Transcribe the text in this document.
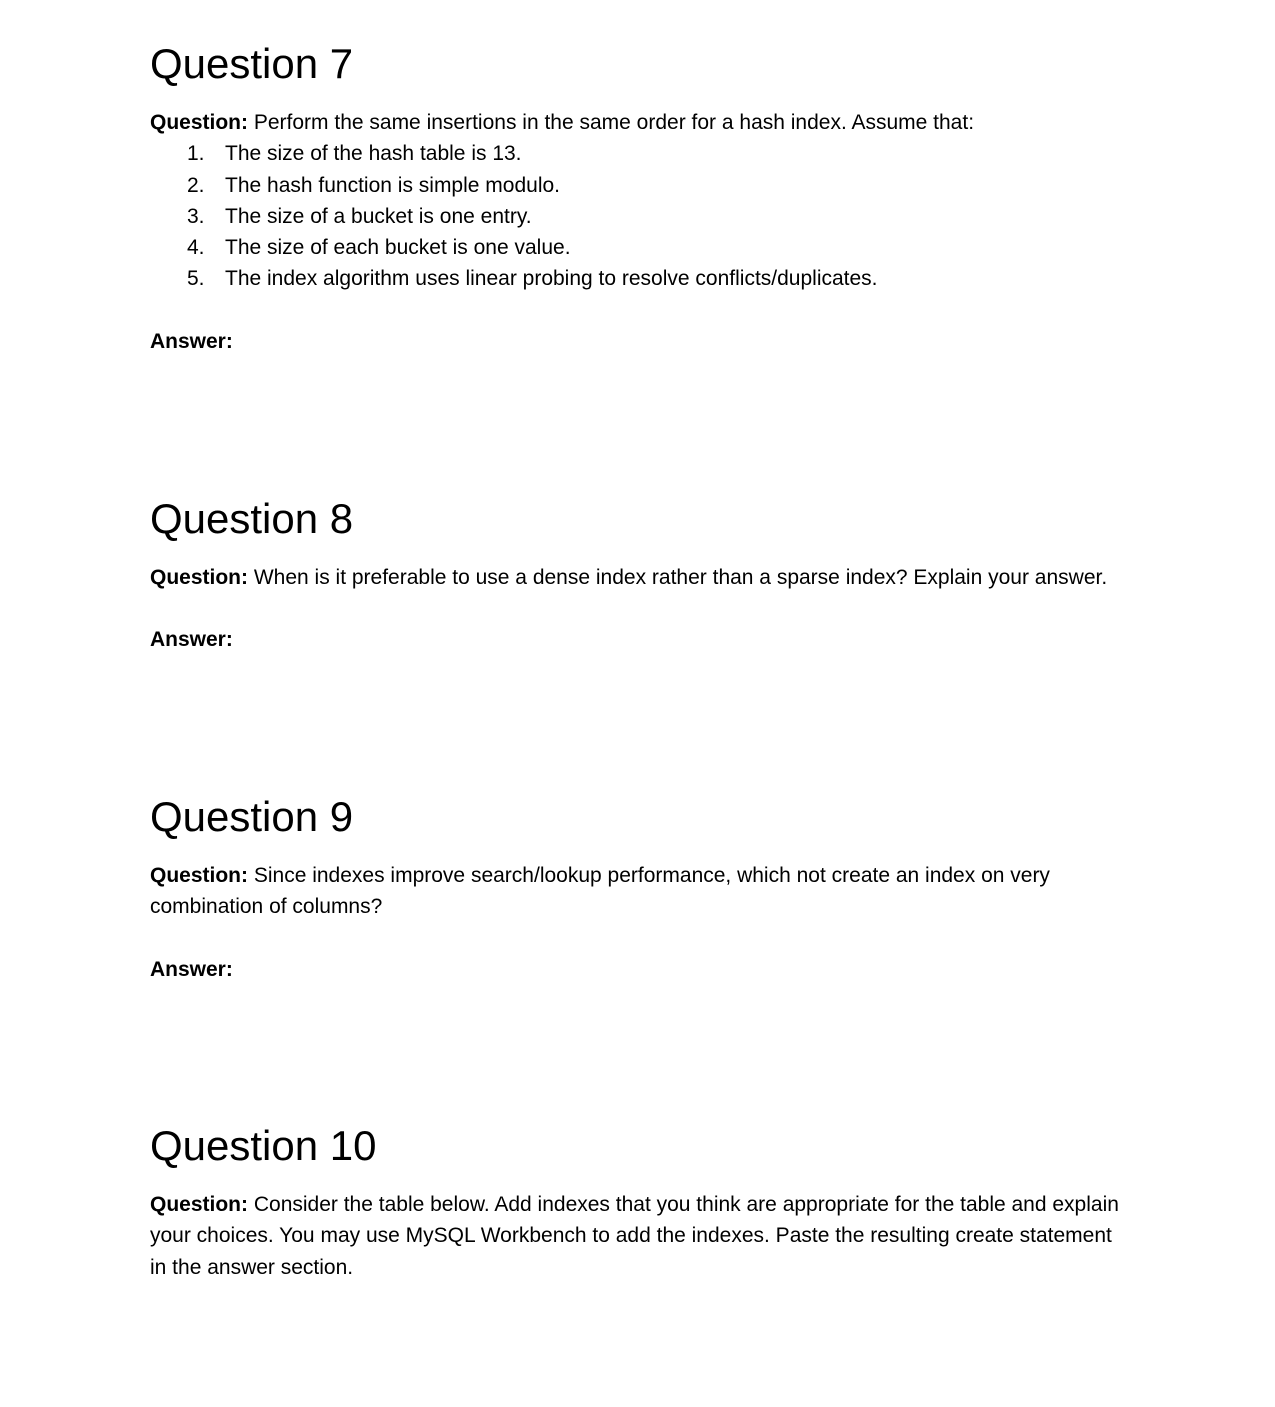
Question 7

Question: Perform the same insertions in the same order for a hash index. Assume that:

1. The size of the hash table is 13.
2. The hash function is simple modulo.
3. The size of a bucket is one entry.
4. The size of each bucket is one value.
5. The index algorithm uses linear probing to resolve conflicts/duplicates.

Answer:

Question 8

Question: When is it preferable to use a dense index rather than a sparse index? Explain your answer.

Answer:

Question 9

Question: Since indexes improve search/lookup performance, which not create an index on very combination of columns?

Answer:

Question 10

Question: Consider the table below. Add indexes that you think are appropriate for the table and explain your choices. You may use MySQL Workbench to add the indexes. Paste the resulting create statement in the answer section.
